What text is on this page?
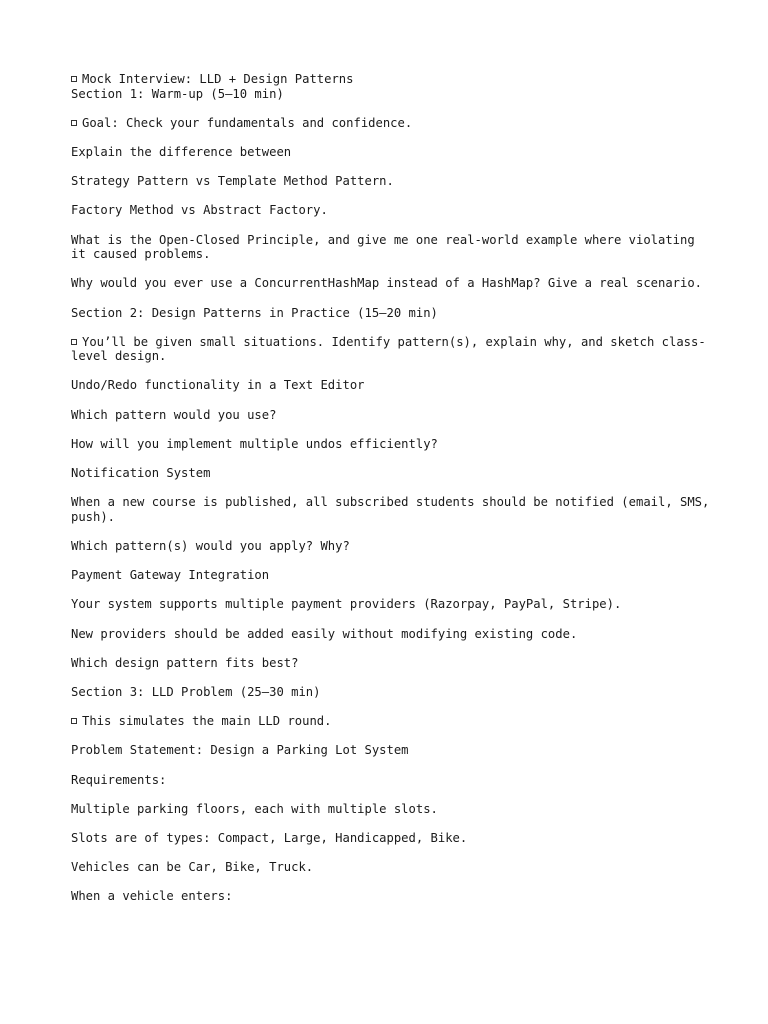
Mock Interview: LLD + Design Patterns

Section 1: Warm-up (5–10 min)

Goal: Check your fundamentals and confidence.

Explain the difference between

Strategy Pattern vs Template Method Pattern.

Factory Method vs Abstract Factory.

What is the Open-Closed Principle, and give me one real-world example where violating it caused problems.

Why would you ever use a ConcurrentHashMap instead of a HashMap? Give a real scenario.

Section 2: Design Patterns in Practice (15–20 min)

You’ll be given small situations. Identify pattern(s), explain why, and sketch class-level design.

Undo/Redo functionality in a Text Editor

Which pattern would you use?

How will you implement multiple undos efficiently?

Notification System

When a new course is published, all subscribed students should be notified (email, SMS, push).

Which pattern(s) would you apply? Why?

Payment Gateway Integration

Your system supports multiple payment providers (Razorpay, PayPal, Stripe).

New providers should be added easily without modifying existing code.

Which design pattern fits best?

Section 3: LLD Problem (25–30 min)

This simulates the main LLD round.

Problem Statement: Design a Parking Lot System

Requirements:

Multiple parking floors, each with multiple slots.

Slots are of types: Compact, Large, Handicapped, Bike.

Vehicles can be Car, Bike, Truck.

When a vehicle enters:
